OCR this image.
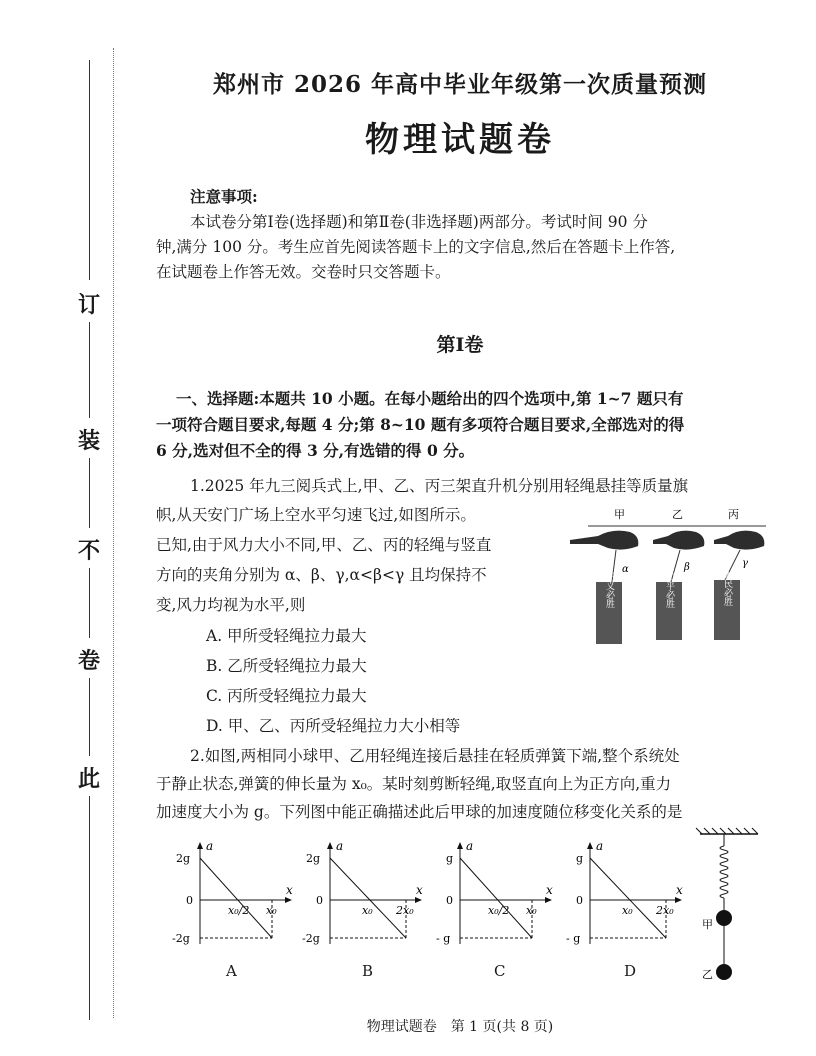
订
装
不
卷
此
郑州市 2026 年高中毕业年级第一次质量预测
物理试题卷
注意事项:
本试卷分第Ⅰ卷(选择题)和第Ⅱ卷(非选择题)两部分。考试时间 90 分
钟,满分 100 分。考生应首先阅读答题卡上的文字信息,然后在答题卡上作答,
在试题卷上作答无效。交卷时只交答题卡。
第Ⅰ卷
一、选择题:本题共 10 小题。在每小题给出的四个选项中,第 1~7 题只有
一项符合题目要求,每题 4 分;第 8~10 题有多项符合题目要求,全部选对的得
6 分,选对但不全的得 3 分,有选错的得 0 分。
1.2025 年九三阅兵式上,甲、乙、丙三架直升机分别用轻绳悬挂等质量旗
帜,从天安门广场上空水平匀速飞过,如图所示。
已知,由于风力大小不同,甲、乙、丙的轻绳与竖直
方向的夹角分别为 α、β、γ,α<β<γ 且均保持不
变,风力均视为水平,则
A. 甲所受轻绳拉力最大
B. 乙所受轻绳拉力最大
C. 丙所受轻绳拉力最大
D. 甲、乙、丙所受轻绳拉力大小相等
甲	乙	丙
α	β	γ
正义必胜	和平必胜	人民必胜
2.如图,两相同小球甲、乙用轻绳连接后悬挂在轻质弹簧下端,整个系统处
于静止状态,弹簧的伸长量为 x₀。某时刻剪断轻绳,取竖直向上为正方向,重力
加速度大小为 g。下列图中能正确描述此后甲球的加速度随位移变化关系的是
a
x
0
2g
-2g
x₀/2 x₀
a
x
0
2g
-2g
x₀ 2x₀
a
x
0
g
- g
x₀/2 x₀
a
x
0
g
- g
x₀ 2x₀
A	B	C	D
甲
乙
物理试题卷　第 1 页(共 8 页)
